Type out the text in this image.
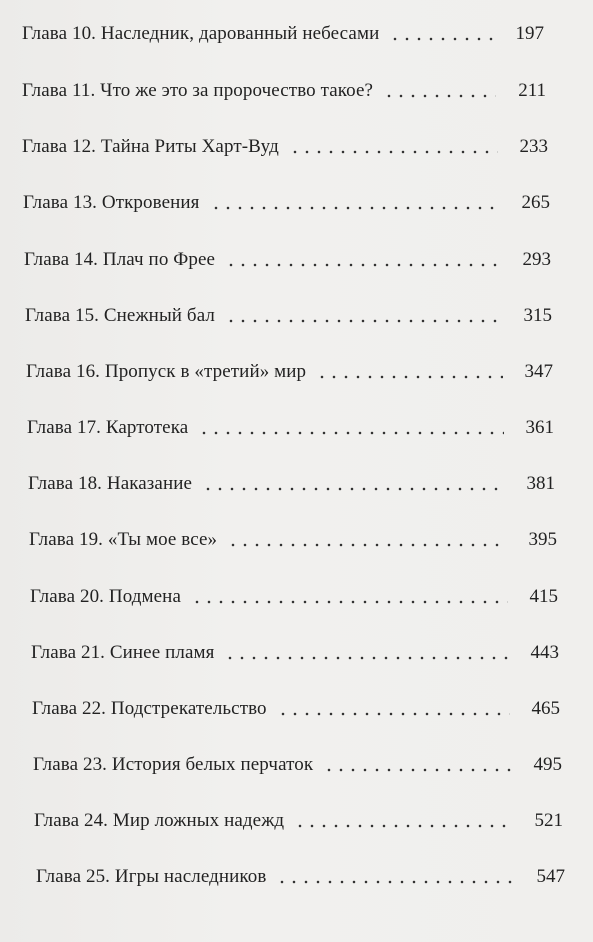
Глава 10. Наследник, дарованный небесами	197
Глава 11. Что же это за пророчество такое?	211
Глава 12. Тайна Риты Харт-Вуд	233
Глава 13. Откровения	265
Глава 14. Плач по Фрее	293
Глава 15. Снежный бал	315
Глава 16. Пропуск в «третий» мир	347
Глава 17. Картотека	361
Глава 18. Наказание	381
Глава 19. «Ты мое все»	395
Глава 20. Подмена	415
Глава 21. Синее пламя	443
Глава 22. Подстрекательство	465
Глава 23. История белых перчаток	495
Глава 24. Мир ложных надежд	521
Глава 25. Игры наследников	547
